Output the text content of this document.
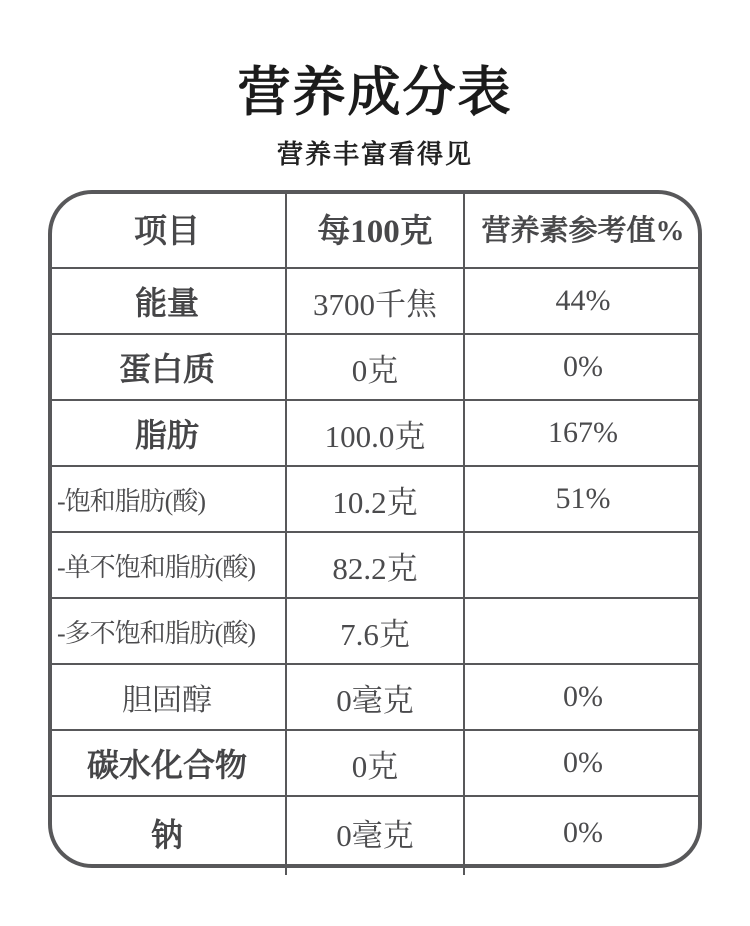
营养成分表
营养丰富看得见
项目	每100克	营养素参考值%
能量	3700千焦	44%
蛋白质	0克	0%
脂肪	100.0克	167%
-饱和脂肪(酸)	10.2克	51%
-单不饱和脂肪(酸)	82.2克
-多不饱和脂肪(酸)	7.6克
胆固醇	0毫克	0%
碳水化合物	0克	0%
钠	0毫克	0%
